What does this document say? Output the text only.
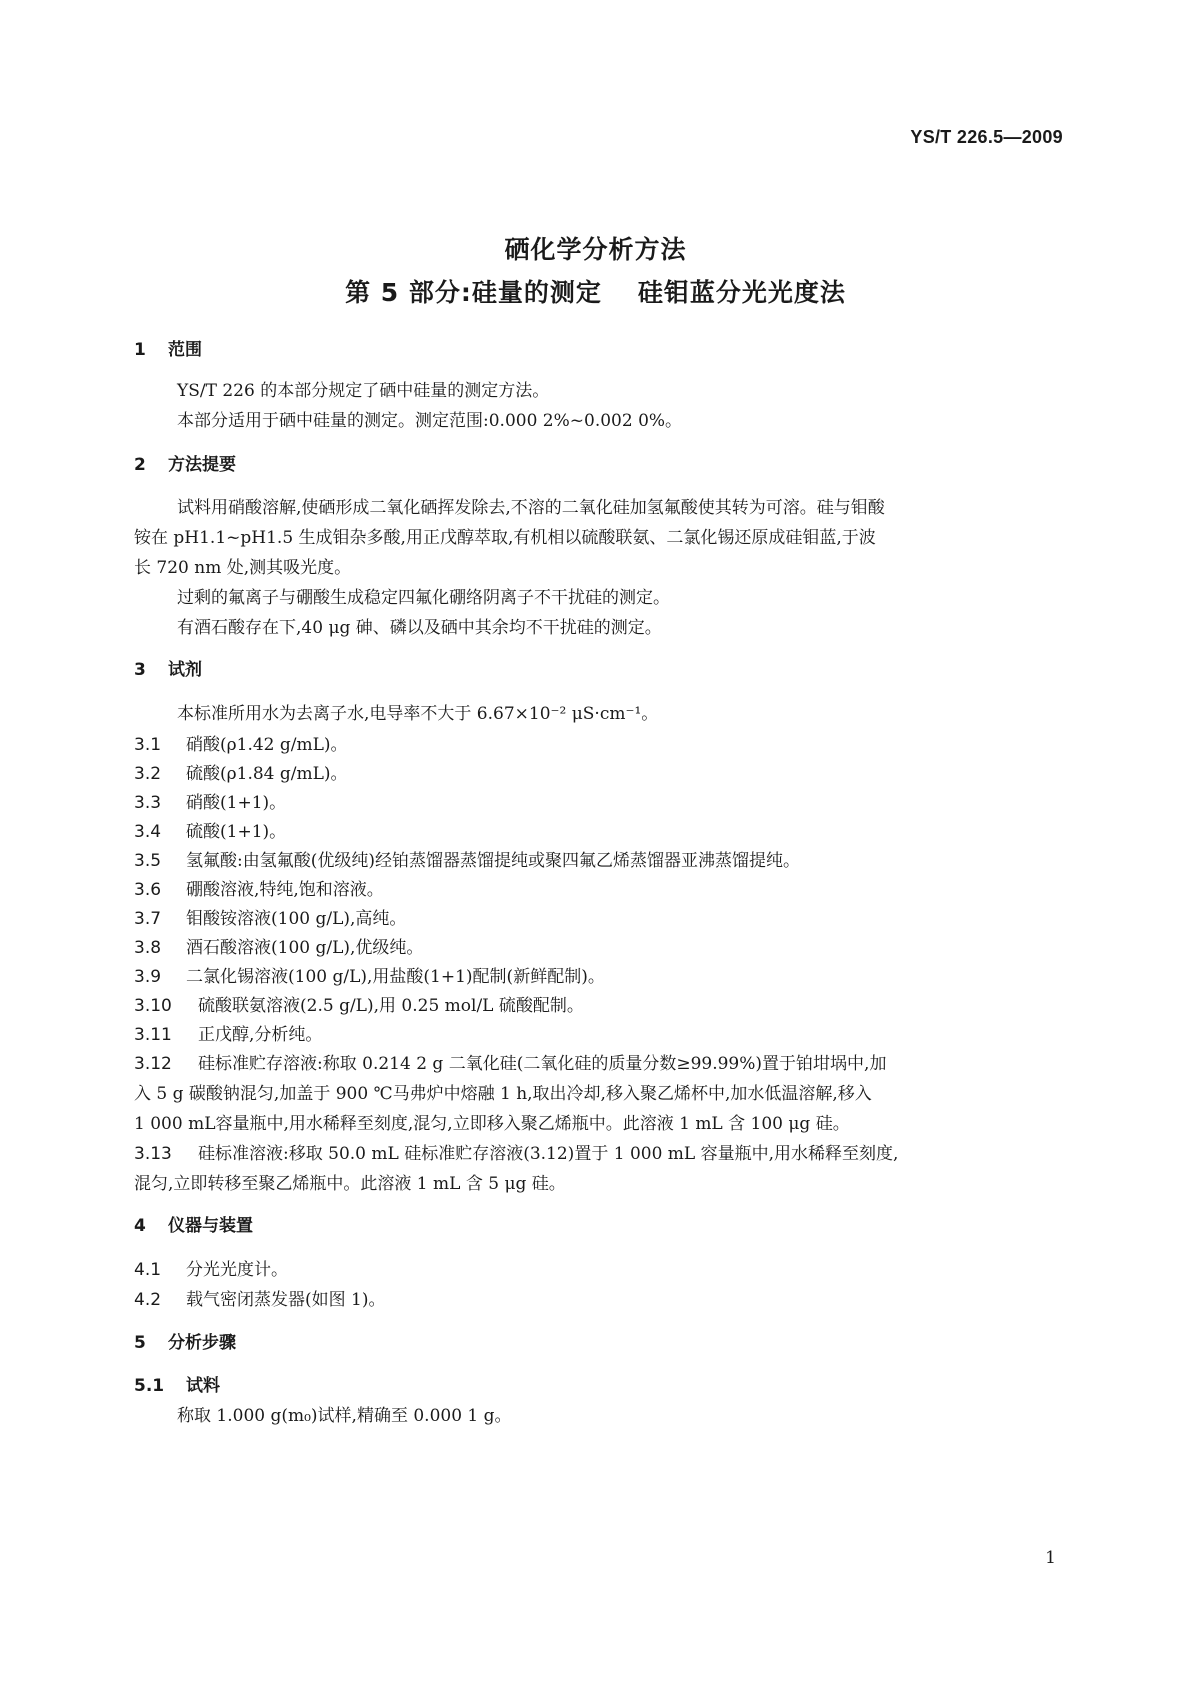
YS/T 226.5—2009
硒化学分析方法
第 5 部分:硅量的测定 硅钼蓝分光光度法
1 范围
YS/T 226 的本部分规定了硒中硅量的测定方法。
本部分适用于硒中硅量的测定。测定范围:0.000 2%~0.002 0%。
2 方法提要
试料用硝酸溶解,使硒形成二氧化硒挥发除去,不溶的二氧化硅加氢氟酸使其转为可溶。硅与钼酸
铵在 pH1.1~pH1.5 生成钼杂多酸,用正戊醇萃取,有机相以硫酸联氨、二氯化锡还原成硅钼蓝,于波
长 720 nm 处,测其吸光度。
过剩的氟离子与硼酸生成稳定四氟化硼络阴离子不干扰硅的测定。
有酒石酸存在下,40 μg 砷、磷以及硒中其余均不干扰硅的测定。
3 试剂
本标准所用水为去离子水,电导率不大于 6.67×10⁻² μS·cm⁻¹。
3.1 硝酸(ρ1.42 g/mL)。
3.2 硫酸(ρ1.84 g/mL)。
3.3 硝酸(1+1)。
3.4 硫酸(1+1)。
3.5 氢氟酸:由氢氟酸(优级纯)经铂蒸馏器蒸馏提纯或聚四氟乙烯蒸馏器亚沸蒸馏提纯。
3.6 硼酸溶液,特纯,饱和溶液。
3.7 钼酸铵溶液(100 g/L),高纯。
3.8 酒石酸溶液(100 g/L),优级纯。
3.9 二氯化锡溶液(100 g/L),用盐酸(1+1)配制(新鲜配制)。
3.10 硫酸联氨溶液(2.5 g/L),用 0.25 mol/L 硫酸配制。
3.11 正戊醇,分析纯。
3.12 硅标准贮存溶液:称取 0.214 2 g 二氧化硅(二氧化硅的质量分数≥99.99%)置于铂坩埚中,加
入 5 g 碳酸钠混匀,加盖于 900 ℃马弗炉中熔融 1 h,取出冷却,移入聚乙烯杯中,加水低温溶解,移入
1 000 mL容量瓶中,用水稀释至刻度,混匀,立即移入聚乙烯瓶中。此溶液 1 mL 含 100 μg 硅。
3.13 硅标准溶液:移取 50.0 mL 硅标准贮存溶液(3.12)置于 1 000 mL 容量瓶中,用水稀释至刻度,
混匀,立即转移至聚乙烯瓶中。此溶液 1 mL 含 5 μg 硅。
4 仪器与装置
4.1 分光光度计。
4.2 载气密闭蒸发器(如图 1)。
5 分析步骤
5.1 试料
称取 1.000 g(m₀)试样,精确至 0.000 1 g。
1
